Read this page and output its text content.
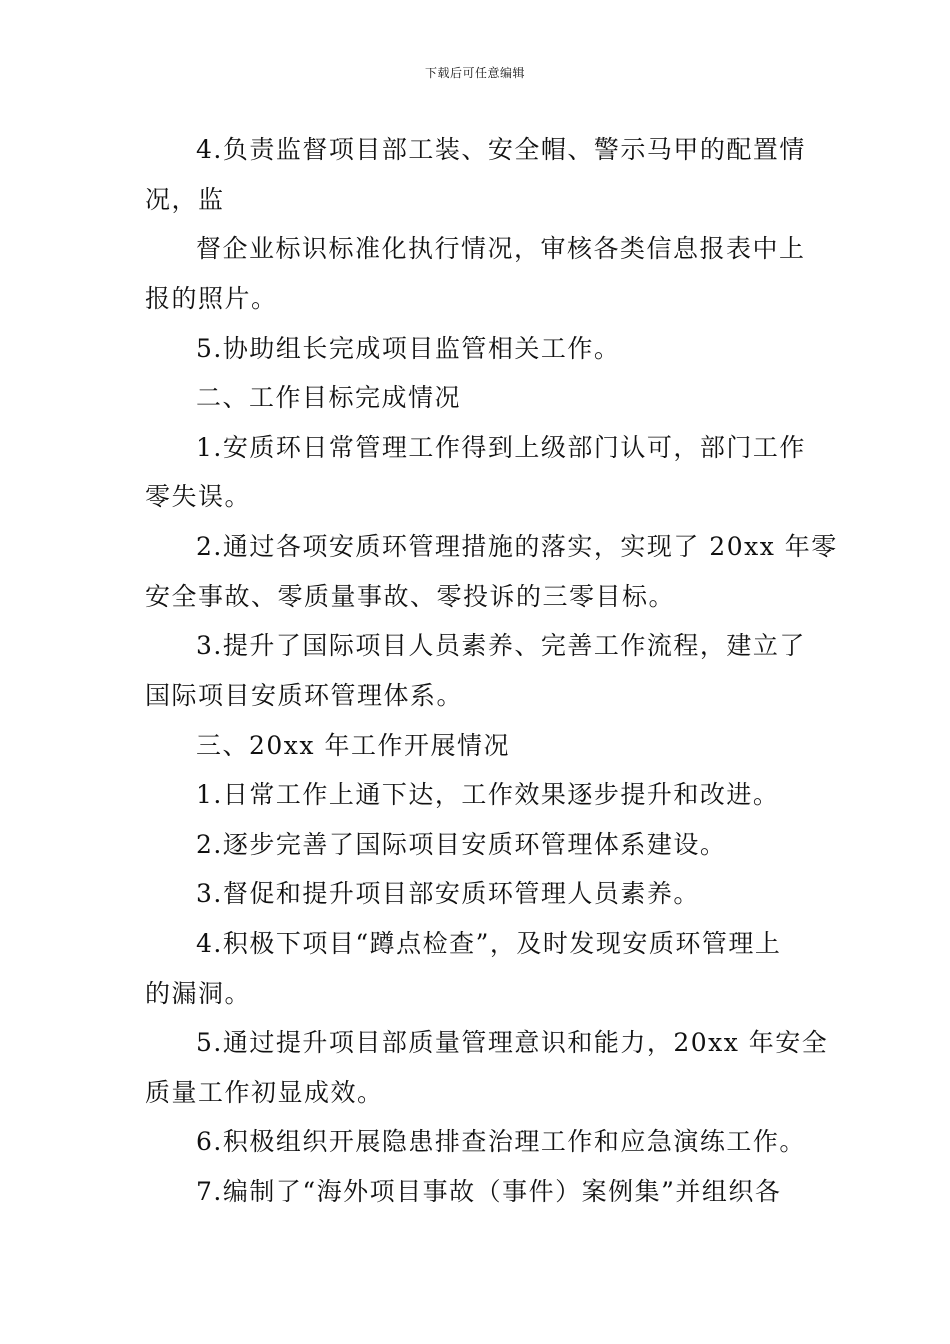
下载后可任意编辑
4.负责监督项目部工装、安全帽、警示马甲的配置情
况，监
督企业标识标准化执行情况，审核各类信息报表中上
报的照片。
5.协助组长完成项目监管相关工作。
二、工作目标完成情况
1.安质环日常管理工作得到上级部门认可，部门工作
零失误。
2.通过各项安质环管理措施的落实，实现了 20xx 年零
安全事故、零质量事故、零投诉的三零目标。
3.提升了国际项目人员素养、完善工作流程，建立了
国际项目安质环管理体系。
三、20xx 年工作开展情况
1.日常工作上通下达，工作效果逐步提升和改进。
2.逐步完善了国际项目安质环管理体系建设。
3.督促和提升项目部安质环管理人员素养。
4.积极下项目“蹲点检查”，及时发现安质环管理上
的漏洞。
5.通过提升项目部质量管理意识和能力，20xx 年安全
质量工作初显成效。
6.积极组织开展隐患排查治理工作和应急演练工作。
7.编制了“海外项目事故（事件）案例集”并组织各
